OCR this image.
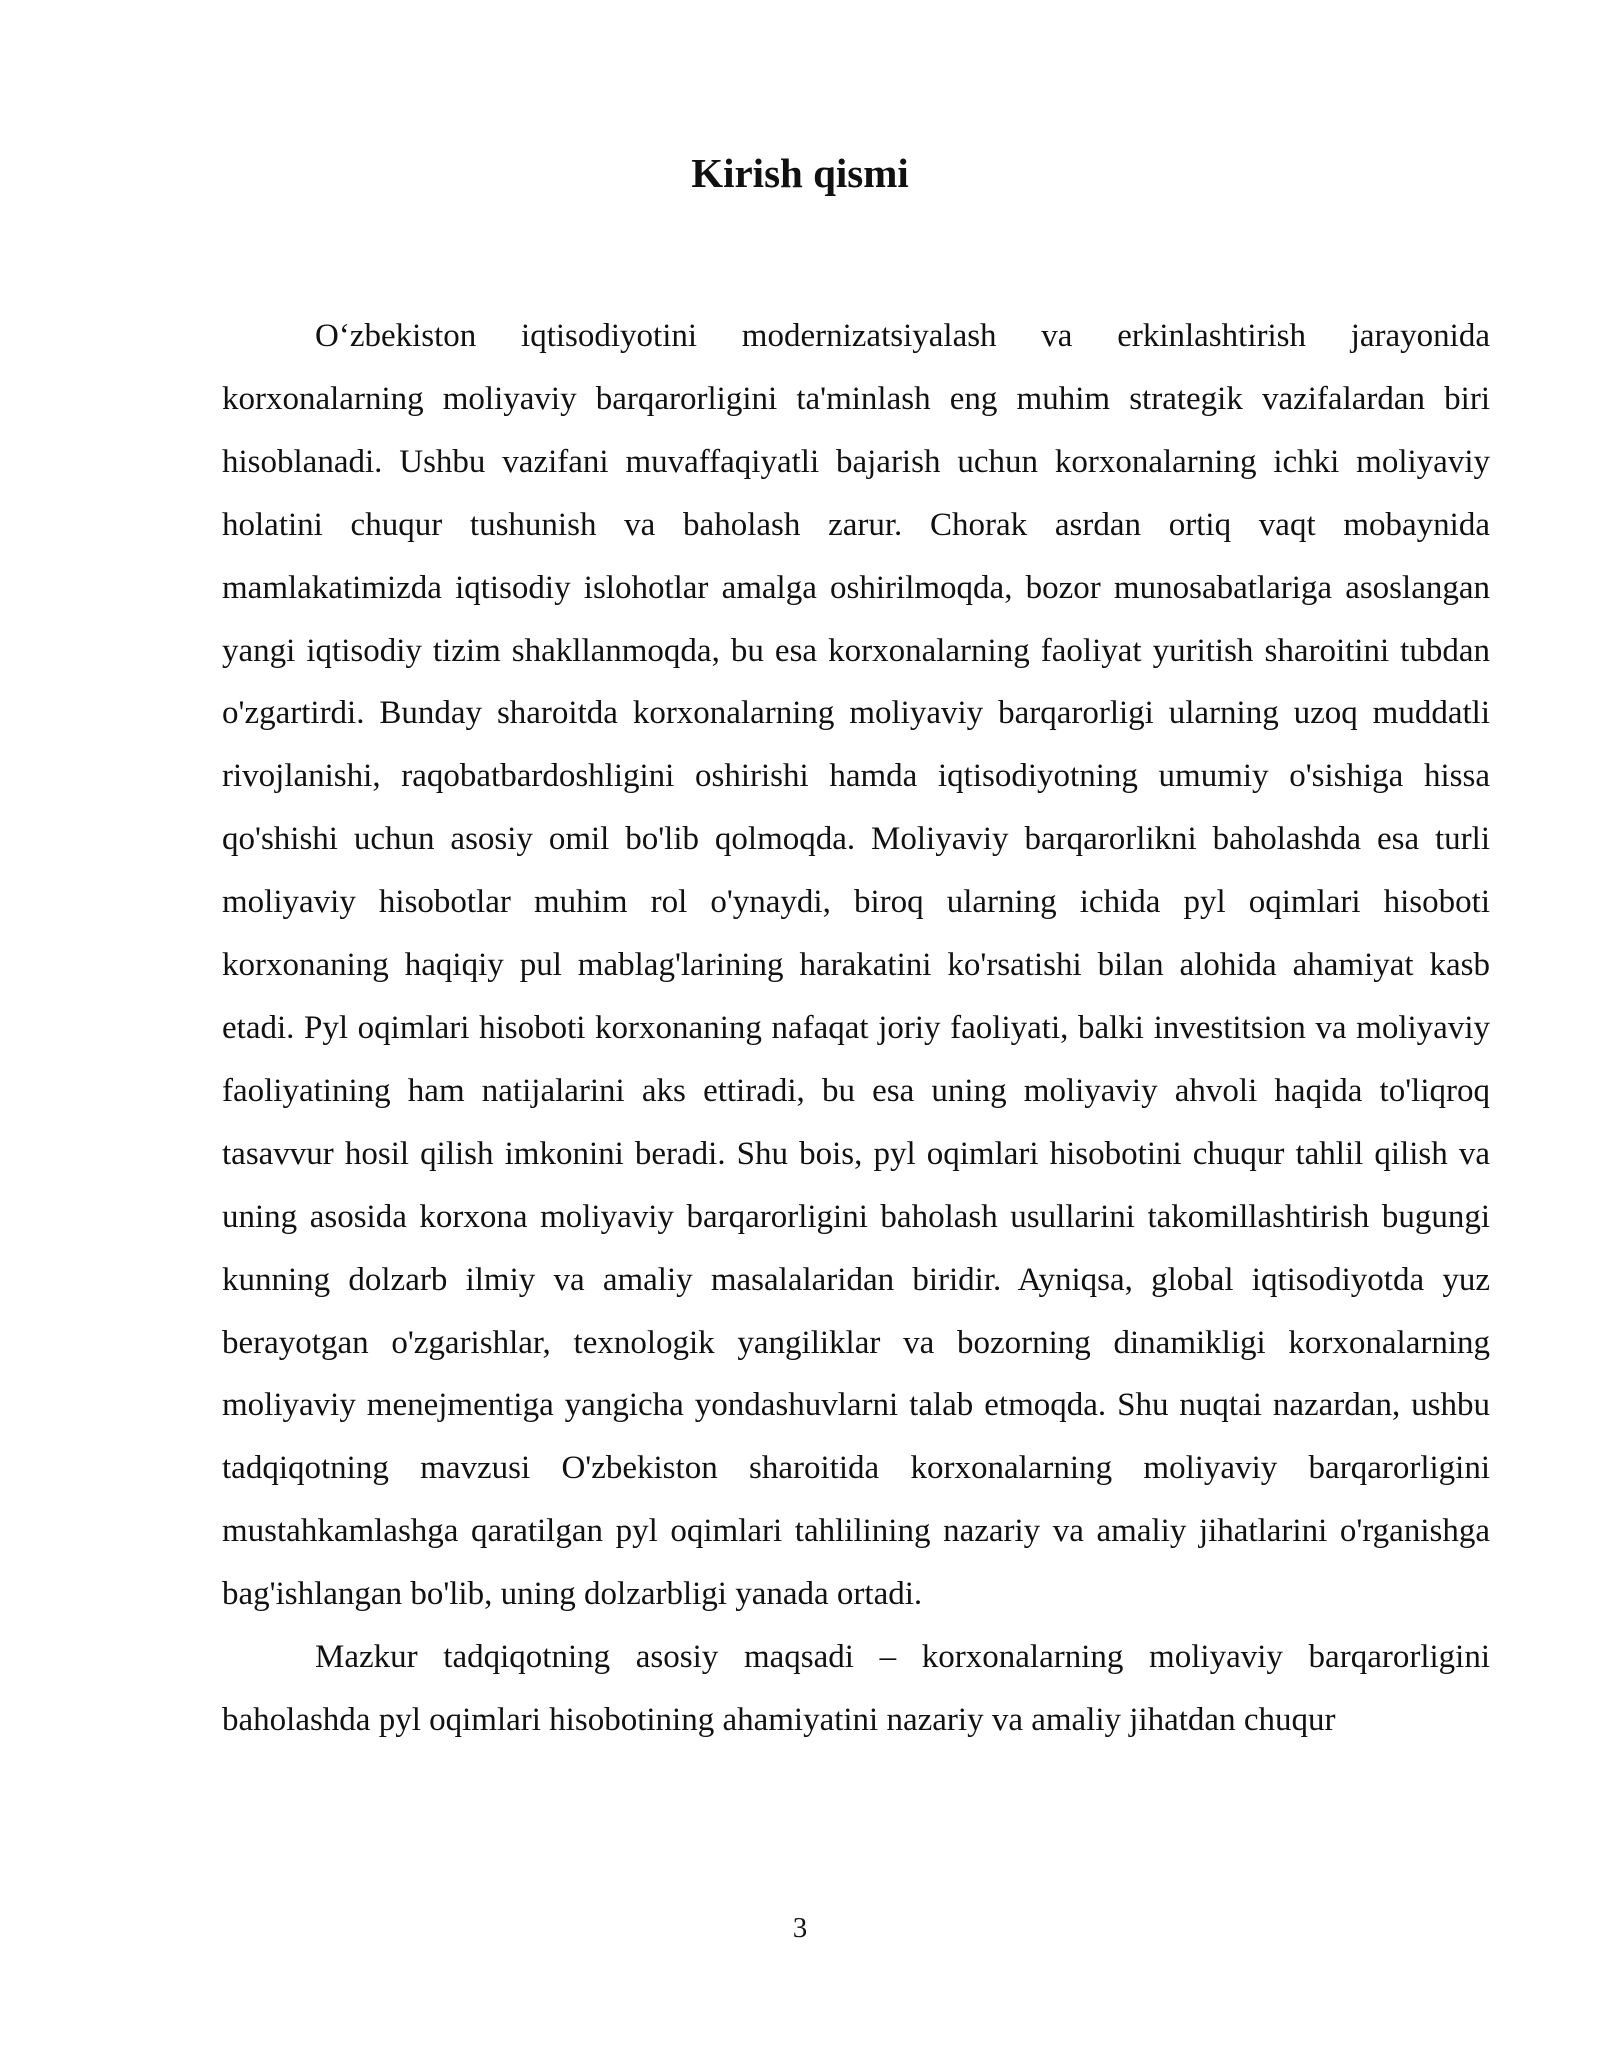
Kirish qismi

O‘zbekiston iqtisodiyotini modernizatsiyalash va erkinlashtirish jarayonida korxonalarning moliyaviy barqarorligini ta'minlash eng muhim strategik vazifalardan biri hisoblanadi. Ushbu vazifani muvaffaqiyatli bajarish uchun korxonalarning ichki moliyaviy holatini chuqur tushunish va baholash zarur. Chorak asrdan ortiq vaqt mobaynida mamlakatimizda iqtisodiy islohotlar amalga oshirilmoqda, bozor munosabatlariga asoslangan yangi iqtisodiy tizim shakllanmoqda, bu esa korxonalarning faoliyat yuritish sharoitini tubdan o'zgartirdi. Bunday sharoitda korxonalarning moliyaviy barqarorligi ularning uzoq muddatli rivojlanishi, raqobatbardoshligini oshirishi hamda iqtisodiyotning umumiy o'sishiga hissa qo'shishi uchun asosiy omil bo'lib qolmoqda. Moliyaviy barqarorlikni baholashda esa turli moliyaviy hisobotlar muhim rol o'ynaydi, biroq ularning ichida pyl oqimlari hisoboti korxonaning haqiqiy pul mablag'larining harakatini ko'rsatishi bilan alohida ahamiyat kasb etadi. Pyl oqimlari hisoboti korxonaning nafaqat joriy faoliyati, balki investitsion va moliyaviy faoliyatining ham natijalarini aks ettiradi, bu esa uning moliyaviy ahvoli haqida to'liqroq tasavvur hosil qilish imkonini beradi. Shu bois, pyl oqimlari hisobotini chuqur tahlil qilish va uning asosida korxona moliyaviy barqarorligini baholash usullarini takomillashtirish bugungi kunning dolzarb ilmiy va amaliy masalalaridan biridir. Ayniqsa, global iqtisodiyotda yuz berayotgan o'zgarishlar, texnologik yangiliklar va bozorning dinamikligi korxonalarning moliyaviy menejmentiga yangicha yondashuvlarni talab etmoqda. Shu nuqtai nazardan, ushbu tadqiqotning mavzusi O'zbekiston sharoitida korxonalarning moliyaviy barqarorligini mustahkamlashga qaratilgan pyl oqimlari tahlilining nazariy va amaliy jihatlarini o'rganishga bag'ishlangan bo'lib, uning dolzarbligi yanada ortadi.

Mazkur tadqiqotning asosiy maqsadi – korxonalarning moliyaviy barqarorligini baholashda pyl oqimlari hisobotining ahamiyatini nazariy va amaliy jihatdan chuqur

3
